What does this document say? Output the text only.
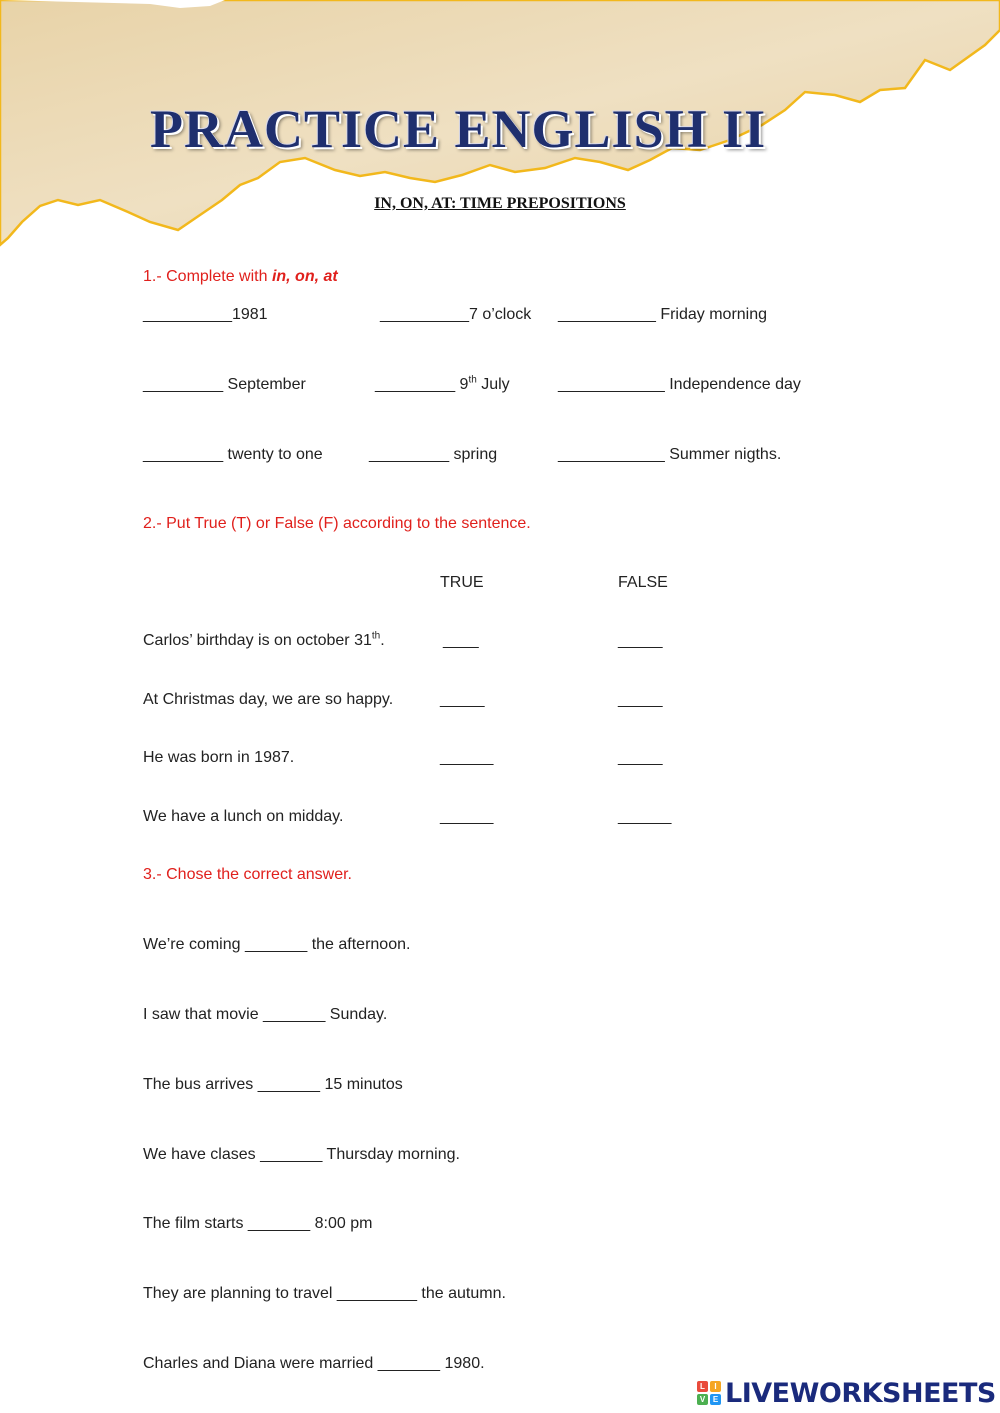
PRACTICE ENGLISH II
IN, ON, AT: TIME PREPOSITIONS
1.- Complete with in, on, at
__________1981	__________7 o’clock ___________ Friday morning
_________ September	_________ 9th July	____________ Independence day
_________ twenty to one	_________ spring	____________ Summer nigths.
2.- Put True (T) or False (F) according to the sentence.
TRUE	FALSE
Carlos’ birthday is on october 31th.	____	_____
At Christmas day, we are so happy.	_____	_____
He was born in 1987.	______	_____
We have a lunch on midday.	______	______
3.- Chose the correct answer.
We’re coming _______ the afternoon.
I saw that movie _______ Sunday.
The bus arrives _______ 15 minutos
We have clases _______ Thursday morning.
The film starts _______ 8:00 pm
They are planning to travel _________ the autumn.
Charles and Diana were married _______ 1980.
L	I
V E LIVEWORKSHEETS
